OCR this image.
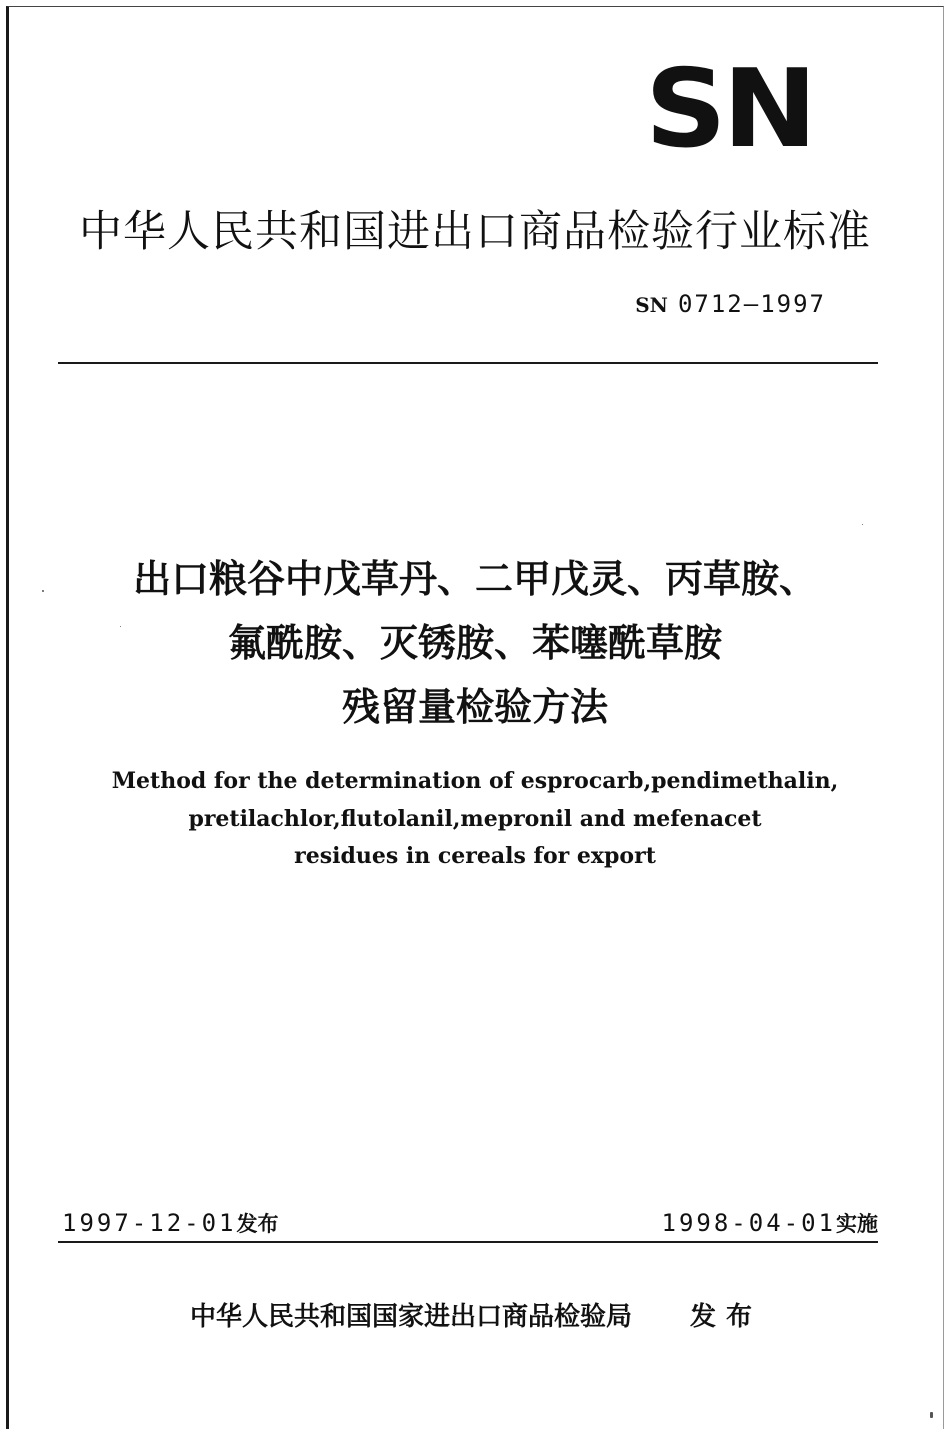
SN
中华人民共和国进出口商品检验行业标准
SN 0712—1997
出口粮谷中戊草丹、二甲戊灵、丙草胺、
氟酰胺、灭锈胺、苯噻酰草胺
残留量检验方法
Method for the determination of esprocarb,pendimethalin,
pretilachlor,flutolanil,mepronil and mefenacet
residues in cereals for export
1997-12-01发布	1998-04-01实施
中华人民共和国国家进出口商品检验局 发布
